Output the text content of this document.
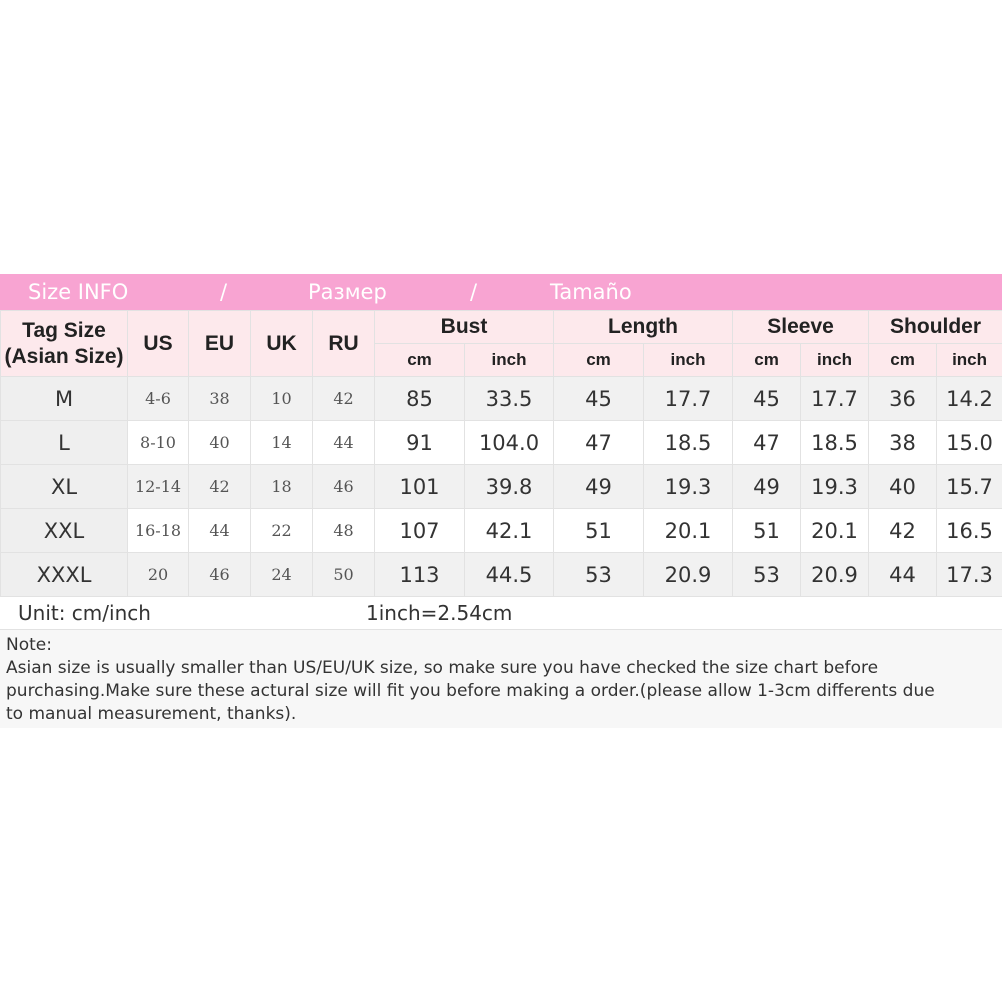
Size INFO	/	Размер	/	Tamaño
Tag Size
(Asian Size)	US	EU	UK	RU	Bust		Length		Sleeve		Shoulder	
					cm	inch	cm	inch	cm	inch	cm	inch
M	4-6	38	10	42	85	33.5	45	17.7	45	17.7	36	14.2
L	8-10	40	14	44	91	104.0	47	18.5	47	18.5	38	15.0
XL	12-14	42	18	46	101	39.8	49	19.3	49	19.3	40	15.7
XXL	16-18	44	22	48	107	42.1	51	20.1	51	20.1	42	16.5
XXXL	20	46	24	50	113	44.5	53	20.9	53	20.9	44	17.3
Unit: cm/inch	1inch=2.54cm
Note:
Asian size is usually smaller than US/EU/UK size, so make sure you have checked the size chart before
purchasing.Make sure these actural size will fit you before making a order.(please allow 1-3cm differents due
to manual measurement, thanks).
